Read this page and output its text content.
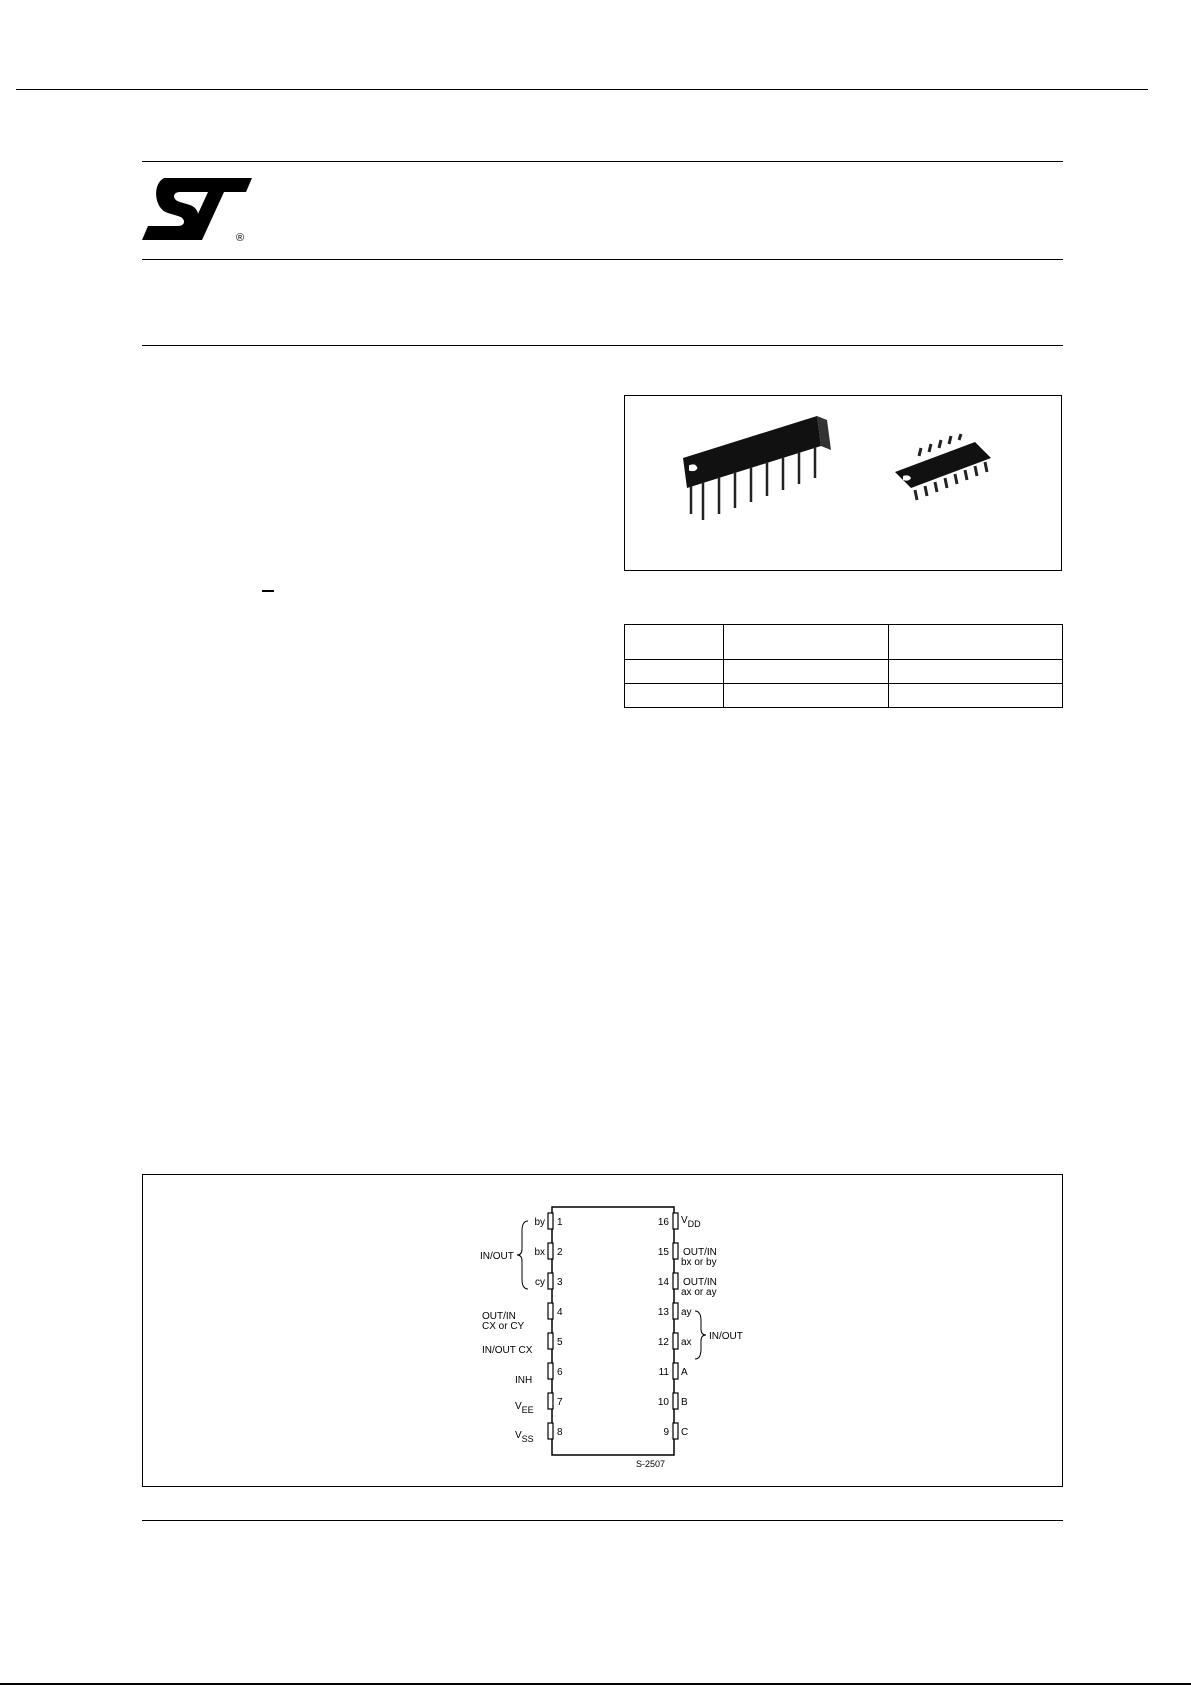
®

1
by
2
bx
3
cy
4
5
6
7
8
16
15
14
13 ay
12 ax
11 A
10 B
9 C
IN/OUT
OUT/IN
CX or CY
IN/OUT CX
INH
VEE
VSS
VDD
OUT/IN
bx or by
OUT/IN
ax or ay
IN/OUT
S-2507
